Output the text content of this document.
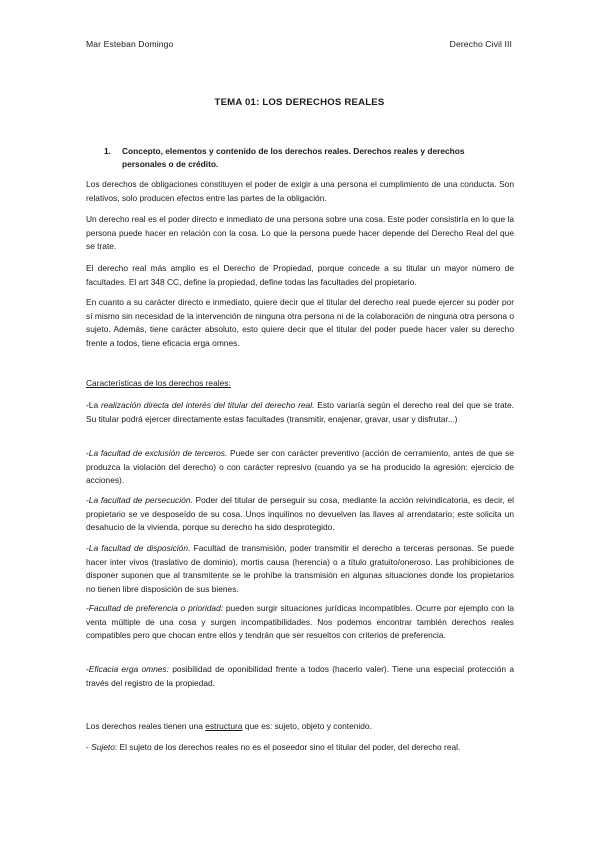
Mar Esteban Domingo	Derecho Civil III
TEMA 01: LOS DERECHOS REALES
1. Concepto, elementos y contenido de los derechos reales. Derechos reales y derechos
personales o de crédito.
Los derechos de obligaciones constituyen el poder de exigir a una persona el cumplimiento de una conducta. Son relativos, solo producen efectos entre las partes de la obligación.
Un derecho real es el poder directo e inmediato de una persona sobre una cosa. Este poder consistiría en lo que la persona puede hacer en relación con la cosa. Lo que la persona puede hacer depende del Derecho Real del que se trate.
El derecho real más amplio es el Derecho de Propiedad, porque concede a su titular un mayor número de facultades. El art 348 CC, define la propiedad, define todas las facultades del propietario.
En cuanto a su carácter directo e inmediato, quiere decir que el titular del derecho real puede ejercer su poder por sí mismo sin necesidad de la intervención de ninguna otra persona ni de la colaboración de ninguna otra persona o sujeto. Además, tiene carácter absoluto, esto quiere decir que el titular del poder puede hacer valer su derecho frente a todos, tiene eficacia erga omnes.
Características de los derechos reales:
-La realización directa del interés del titular del derecho real. Esto variaría según el derecho real del que se trate. Su titular podrá ejercer directamente estas facultades (transmitir, enajenar, gravar, usar y disfrutar...)
-La facultad de exclusión de terceros. Puede ser con carácter preventivo (acción de cerramiento, antes de que se produzca la violación del derecho) o con carácter represivo (cuando ya se ha producido la agresión: ejercicio de acciones).
-La facultad de persecución. Poder del titular de perseguir su cosa, mediante la acción reivindicatoria, es decir, el propietario se ve desposeído de su cosa. Unos inquilinos no devuelven las llaves al arrendatario; este solicita un desahucio de la vivienda, porque su derecho ha sido desprotegido.
-La facultad de disposición. Facultad de transmisión, poder transmitir el derecho a terceras personas. Se puede hacer inter vivos (traslativo de dominio), mortis causa (herencia) o a título gratuito/oneroso. Las prohibiciones de disponer suponen que al transmitente se le prohíbe la transmisión en algunas situaciones donde los propietarios no tienen libre disposición de sus bienes.
-Facultad de preferencia o prioridad: pueden surgir situaciones jurídicas incompatibles. Ocurre por ejemplo con la venta múltiple de una cosa y surgen incompatibilidades. Nos podemos encontrar también derechos reales compatibles pero que chocan entre ellos y tendrán que ser resueltos con criterios de preferencia.
-Eficacia erga omnes: posibilidad de oponibilidad frente a todos (hacerlo valer). Tiene una especial protección a través del registro de la propiedad.
Los derechos reales tienen una estructura que es: sujeto, objeto y contenido.
- Sujeto: El sujeto de los derechos reales no es el poseedor sino el titular del poder, del derecho real.
